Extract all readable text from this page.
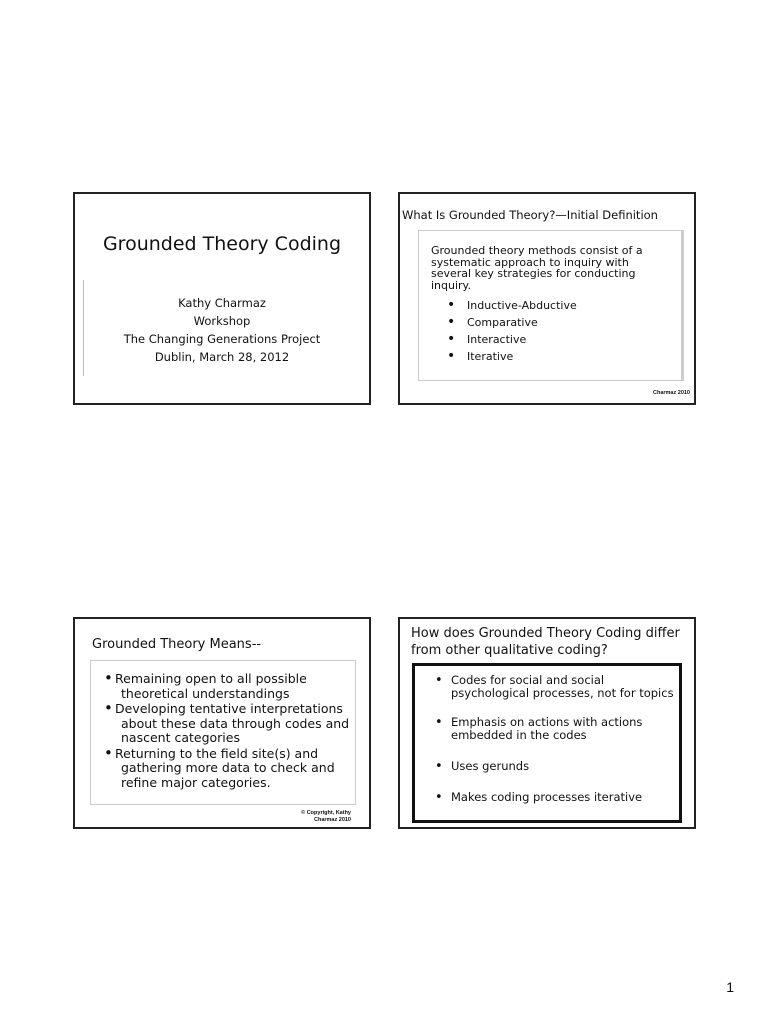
Grounded Theory Coding
Kathy Charmaz
Workshop
The Changing Generations Project
Dublin, March 28, 2012
What Is Grounded Theory?—Initial Definition
Grounded theory methods consist of a systematic approach to inquiry with several key strategies for conducting inquiry.
• Inductive-Abductive
• Comparative
• Interactive
• Iterative
Charmaz 2010
Grounded Theory Means--
• Remaining open to all possible theoretical understandings
• Developing tentative interpretations about these data through codes and nascent categories
• Returning to the field site(s) and gathering more data to check and refine major categories.
© Copyright, Kathy
Charmaz 2010
How does Grounded Theory Coding differ from other qualitative coding?
• Codes for social and social psychological processes, not for topics
• Emphasis on actions with actions embedded in the codes
• Uses gerunds
• Makes coding processes iterative
1
